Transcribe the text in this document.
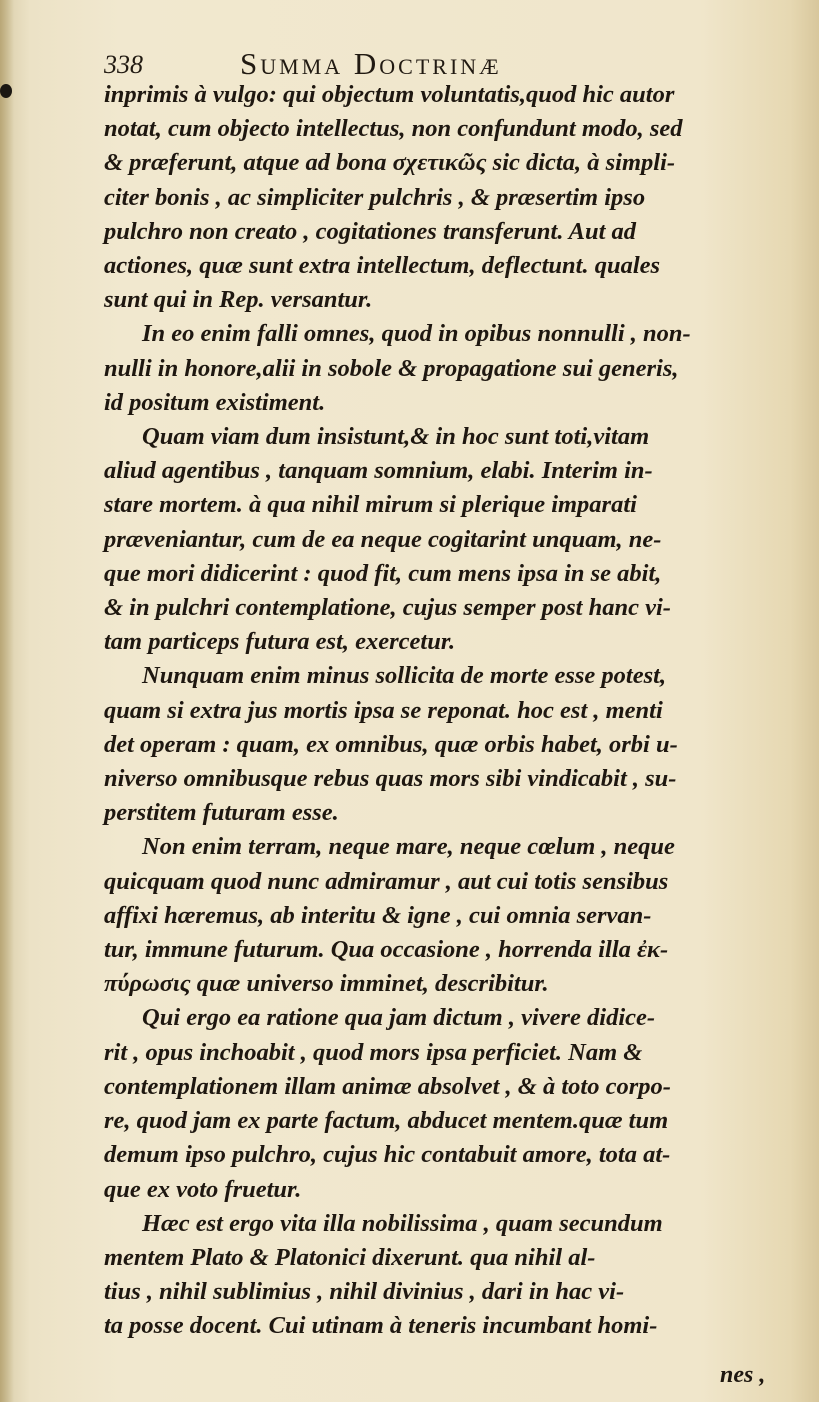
338	Summa Doctrinæ
inprimis à vulgo: qui objectum voluntatis,quod hic autor
notat, cum objecto intellectus, non confundunt modo, sed
& præferunt, atque ad bona σχετικῶς sic dicta, à simpli-
citer bonis , ac simpliciter pulchris , & præsertim ipso
pulchro non creato , cogitationes transferunt. Aut ad
actiones, quæ sunt extra intellectum, deflectunt. quales
sunt qui in Rep. versantur.
In eo enim falli omnes, quod in opibus nonnulli , non-
nulli in honore,alii in sobole & propagatione sui generis,
id positum existiment.
Quam viam dum insistunt,& in hoc sunt toti,vitam
aliud agentibus , tanquam somnium, elabi. Interim in-
stare mortem. à qua nihil mirum si plerique imparati
præveniantur, cum de ea neque cogitarint unquam, ne-
que mori didicerint : quod fit, cum mens ipsa in se abit,
& in pulchri contemplatione, cujus semper post hanc vi-
tam particeps futura est, exercetur.
Nunquam enim minus sollicita de morte esse potest,
quam si extra jus mortis ipsa se reponat. hoc est , menti
det operam : quam, ex omnibus, quæ orbis habet, orbi u-
niverso omnibusque rebus quas mors sibi vindicabit , su-
perstitem futuram esse.
Non enim terram, neque mare, neque cœlum , neque
quicquam quod nunc admiramur , aut cui totis sensibus
affixi hæremus, ab interitu & igne , cui omnia servan-
tur, immune futurum. Qua occasione , horrenda illa ἐκ-
πύρωσις quæ universo imminet, describitur.
Qui ergo ea ratione qua jam dictum , vivere didice-
rit , opus inchoabit , quod mors ipsa perficiet. Nam &
contemplationem illam animæ absolvet , & à toto corpo-
re, quod jam ex parte factum, abducet mentem.quæ tum
demum ipso pulchro, cujus hic contabuit amore, tota at-
que ex voto fruetur.
Hæc est ergo vita illa nobilissima , quam secundum
mentem Plato & Platonici dixerunt. qua nihil al-
tius , nihil sublimius , nihil divinius , dari in hac vi-
ta posse docent. Cui utinam à teneris incumbant homi-
nes ,
